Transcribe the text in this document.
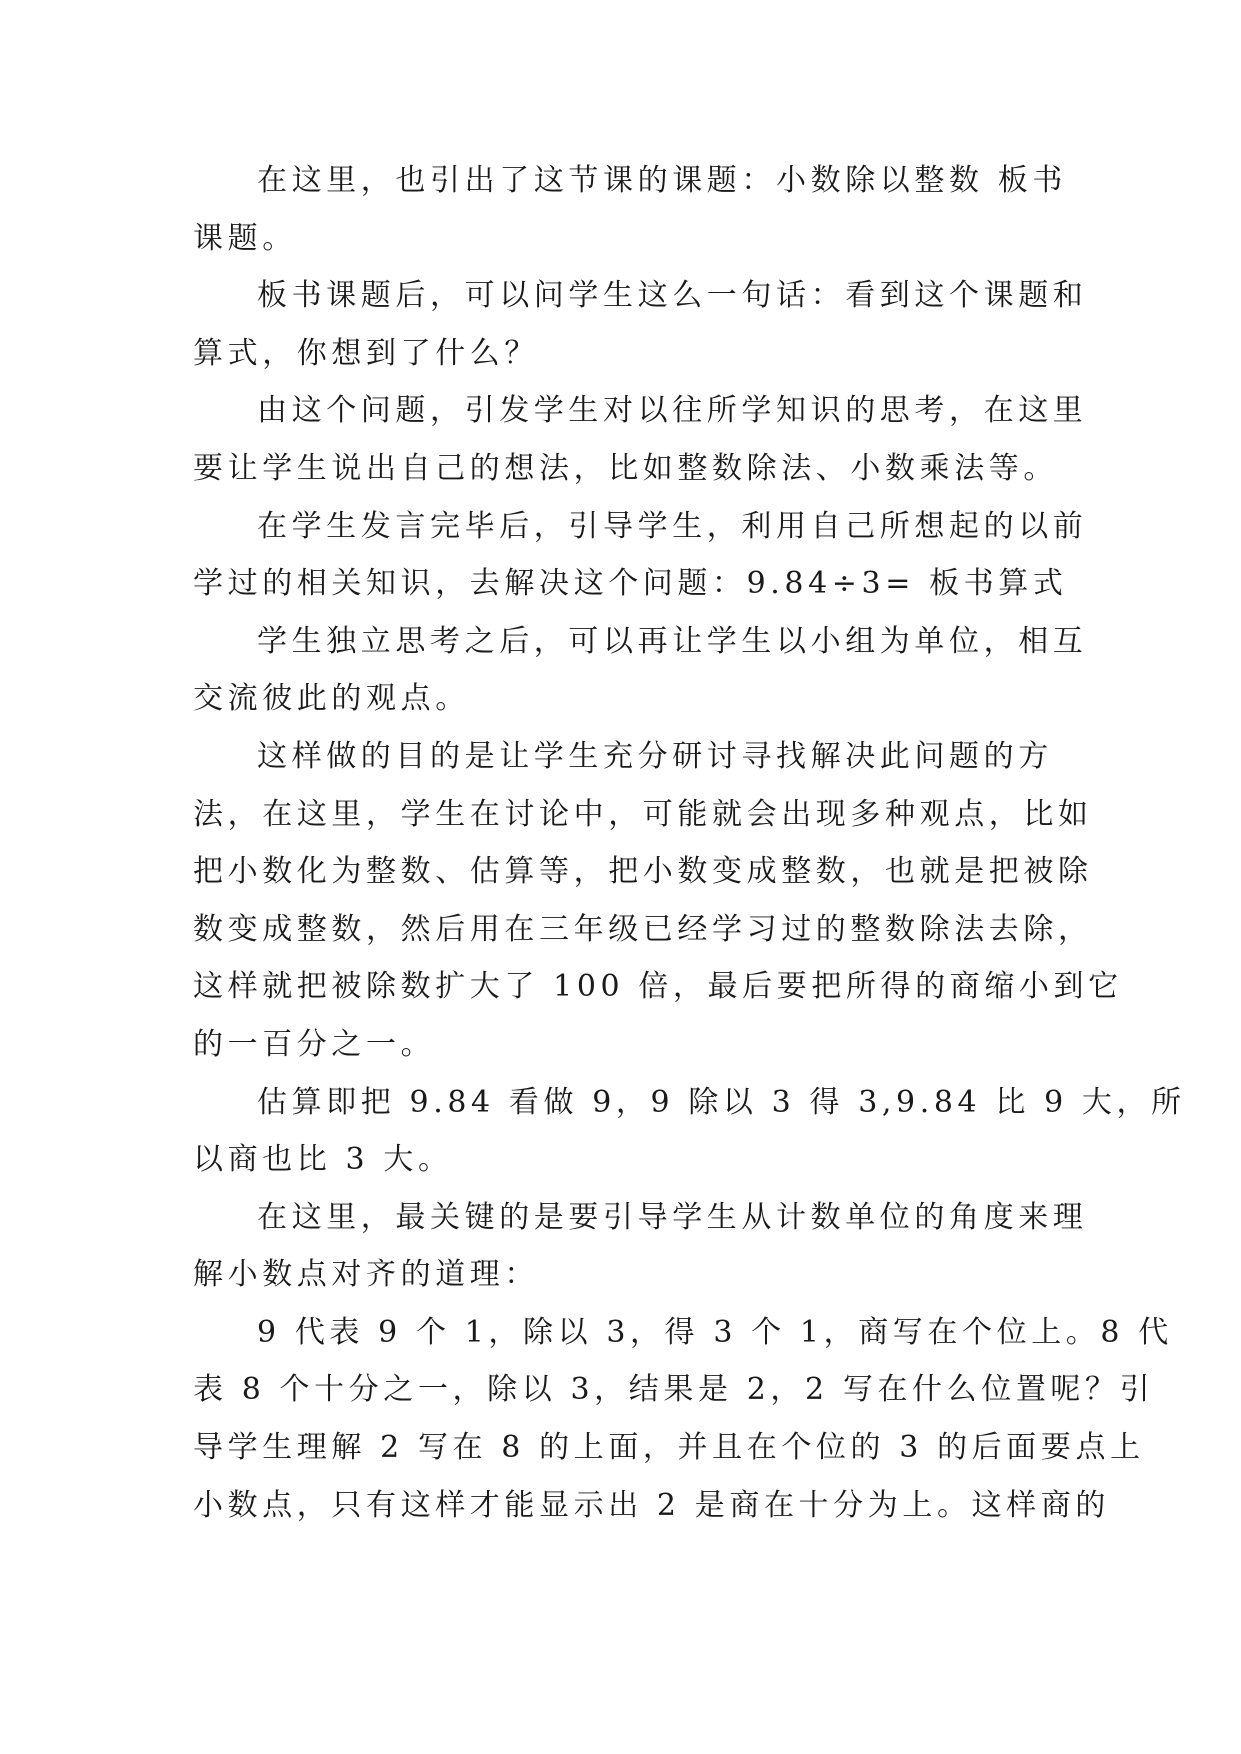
在这里，也引出了这节课的课题：小数除以整数 板书
课题。

板书课题后，可以问学生这么一句话：看到这个课题和
算式，你想到了什么？

由这个问题，引发学生对以往所学知识的思考，在这里
要让学生说出自己的想法，比如整数除法、小数乘法等。

在学生发言完毕后，引导学生，利用自己所想起的以前
学过的相关知识，去解决这个问题：9.84÷3= 板书算式

学生独立思考之后，可以再让学生以小组为单位，相互
交流彼此的观点。

这样做的目的是让学生充分研讨寻找解决此问题的方
法，在这里，学生在讨论中，可能就会出现多种观点，比如
把小数化为整数、估算等，把小数变成整数，也就是把被除
数变成整数，然后用在三年级已经学习过的整数除法去除，
这样就把被除数扩大了 100 倍，最后要把所得的商缩小到它
的一百分之一。

估算即把 9.84 看做 9，9 除以 3 得 3,9.84 比 9 大，所
以商也比 3 大。

在这里，最关键的是要引导学生从计数单位的角度来理
解小数点对齐的道理：

9 代表 9 个 1，除以 3，得 3 个 1，商写在个位上。8 代
表 8 个十分之一，除以 3，结果是 2，2 写在什么位置呢？引
导学生理解 2 写在 8 的上面，并且在个位的 3 的后面要点上
小数点，只有这样才能显示出 2 是商在十分为上。这样商的
